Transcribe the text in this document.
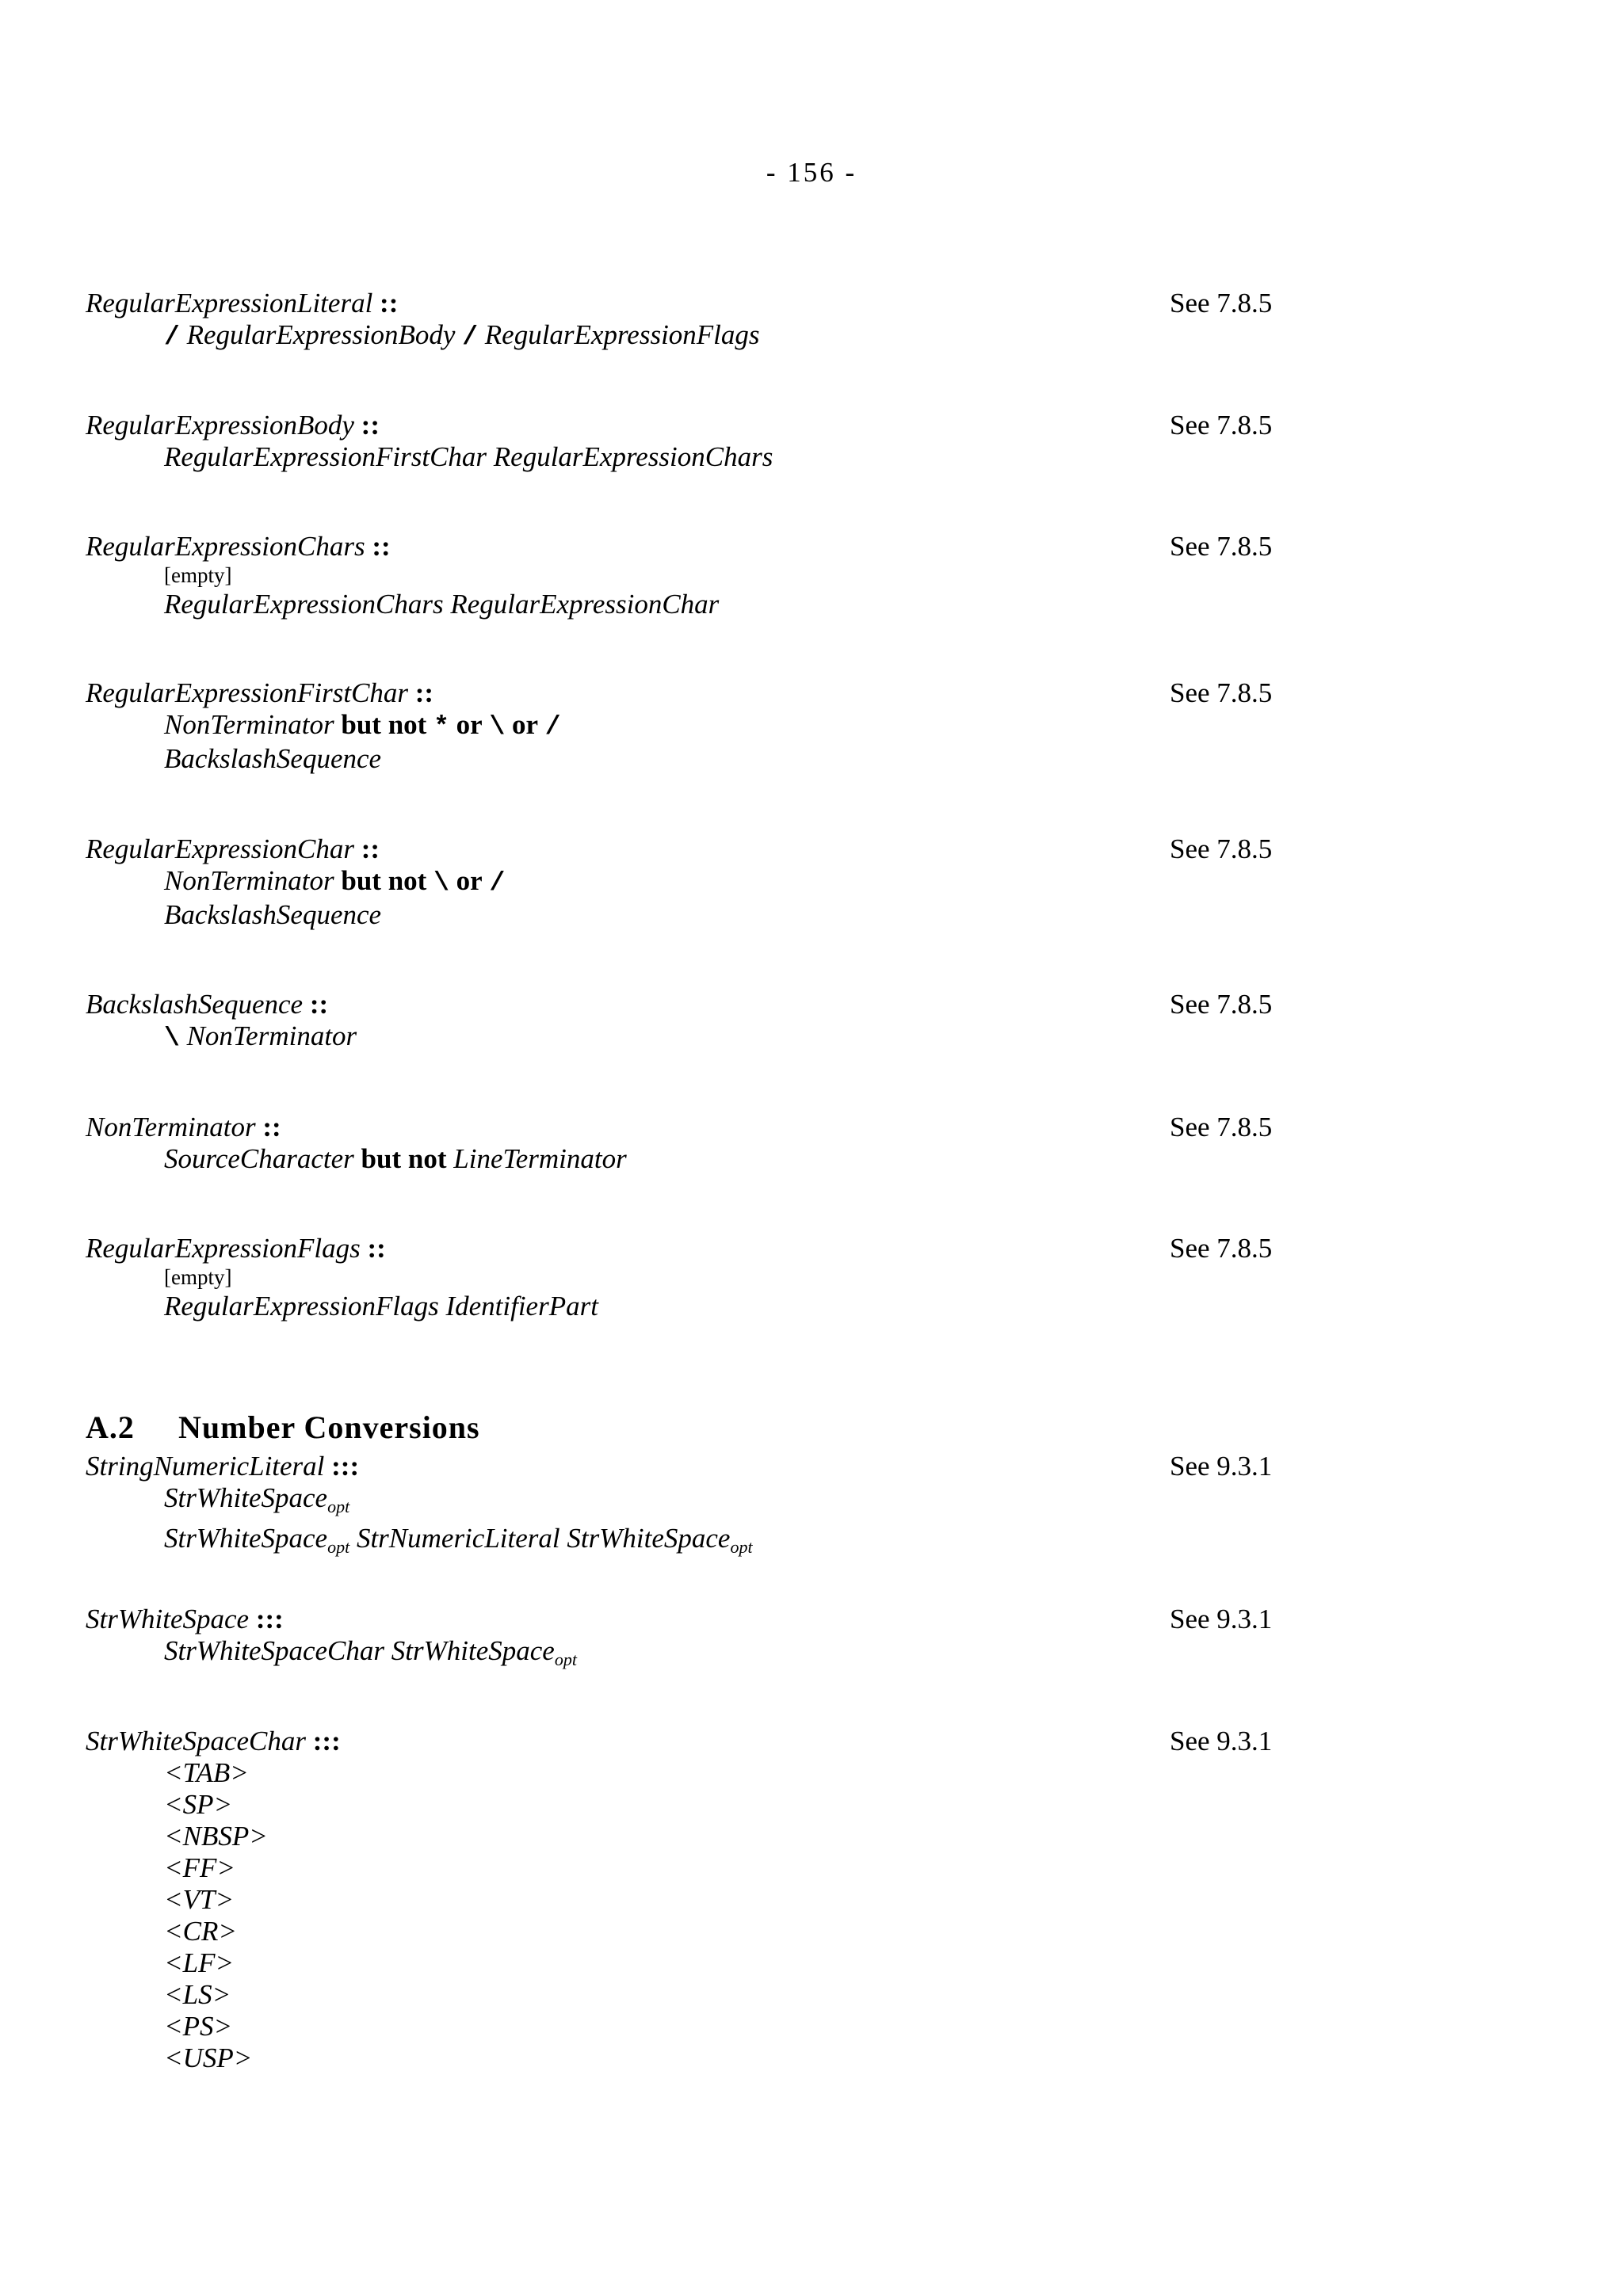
- 156 -
RegularExpressionLiteral ::	See 7.8.5
/ RegularExpressionBody / RegularExpressionFlags
RegularExpressionBody ::	See 7.8.5
RegularExpressionFirstChar RegularExpressionChars
RegularExpressionChars ::	See 7.8.5
[empty]
RegularExpressionChars RegularExpressionChar
RegularExpressionFirstChar ::	See 7.8.5
NonTerminator but not * or \ or /
BackslashSequence
RegularExpressionChar ::	See 7.8.5
NonTerminator but not \ or /
BackslashSequence
BackslashSequence ::	See 7.8.5
\ NonTerminator
NonTerminator ::	See 7.8.5
SourceCharacter but not LineTerminator
RegularExpressionFlags ::	See 7.8.5
[empty]
RegularExpressionFlags IdentifierPart
A.2 Number Conversions
StringNumericLiteral :::	See 9.3.1
StrWhiteSpace$_{opt}$
StrWhiteSpace$_{opt}$ StrNumericLiteral StrWhiteSpace$_{opt}$
StrWhiteSpace :::	See 9.3.1
StrWhiteSpaceChar StrWhiteSpace$_{opt}$
StrWhiteSpaceChar :::	See 9.3.1
<TAB>
<SP>
<NBSP>
<FF>
<VT>
<CR>
<LF>
<LS>
<PS>
<USP>
